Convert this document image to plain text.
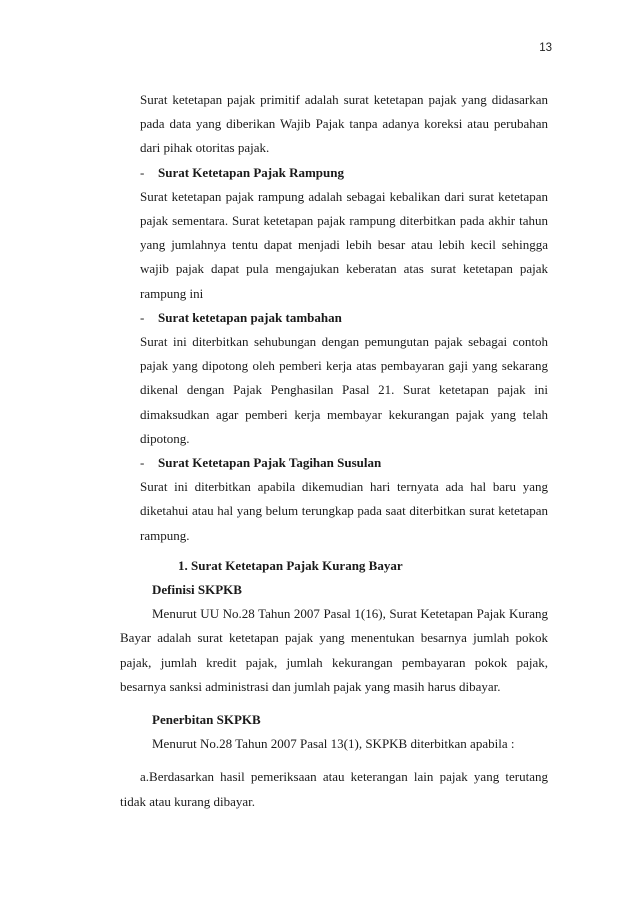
13

Surat ketetapan pajak primitif adalah surat ketetapan pajak yang didasarkan pada data yang diberikan Wajib Pajak tanpa adanya koreksi atau perubahan dari pihak otoritas pajak.

-	Surat Ketetapan Pajak Rampung

Surat ketetapan pajak rampung adalah sebagai kebalikan dari surat ketetapan pajak sementara. Surat ketetapan pajak rampung diterbitkan pada akhir tahun yang jumlahnya tentu dapat menjadi lebih besar atau lebih kecil sehingga wajib pajak dapat pula mengajukan keberatan atas surat ketetapan pajak rampung ini

-	Surat ketetapan pajak tambahan

Surat ini diterbitkan sehubungan dengan pemungutan pajak sebagai contoh pajak yang dipotong oleh pemberi kerja atas pembayaran gaji yang sekarang dikenal dengan Pajak Penghasilan Pasal 21. Surat ketetapan pajak ini dimaksudkan agar pemberi kerja membayar kekurangan pajak yang telah dipotong.

-	Surat Ketetapan Pajak Tagihan Susulan

Surat ini diterbitkan apabila dikemudian hari ternyata ada hal baru yang diketahui atau hal yang belum terungkap pada saat diterbitkan surat ketetapan rampung.

1. Surat Ketetapan Pajak Kurang Bayar
Definisi SKPKB

Menurut UU No.28 Tahun 2007 Pasal 1(16), Surat Ketetapan Pajak Kurang Bayar adalah surat ketetapan pajak yang menentukan besarnya jumlah pokok pajak, jumlah kredit pajak, jumlah kekurangan pembayaran pokok pajak, besarnya sanksi administrasi dan jumlah pajak yang masih harus dibayar.

Penerbitan SKPKB

Menurut No.28 Tahun 2007 Pasal 13(1), SKPKB diterbitkan apabila :

a.Berdasarkan hasil pemeriksaan atau keterangan lain pajak yang terutang tidak atau kurang dibayar.
